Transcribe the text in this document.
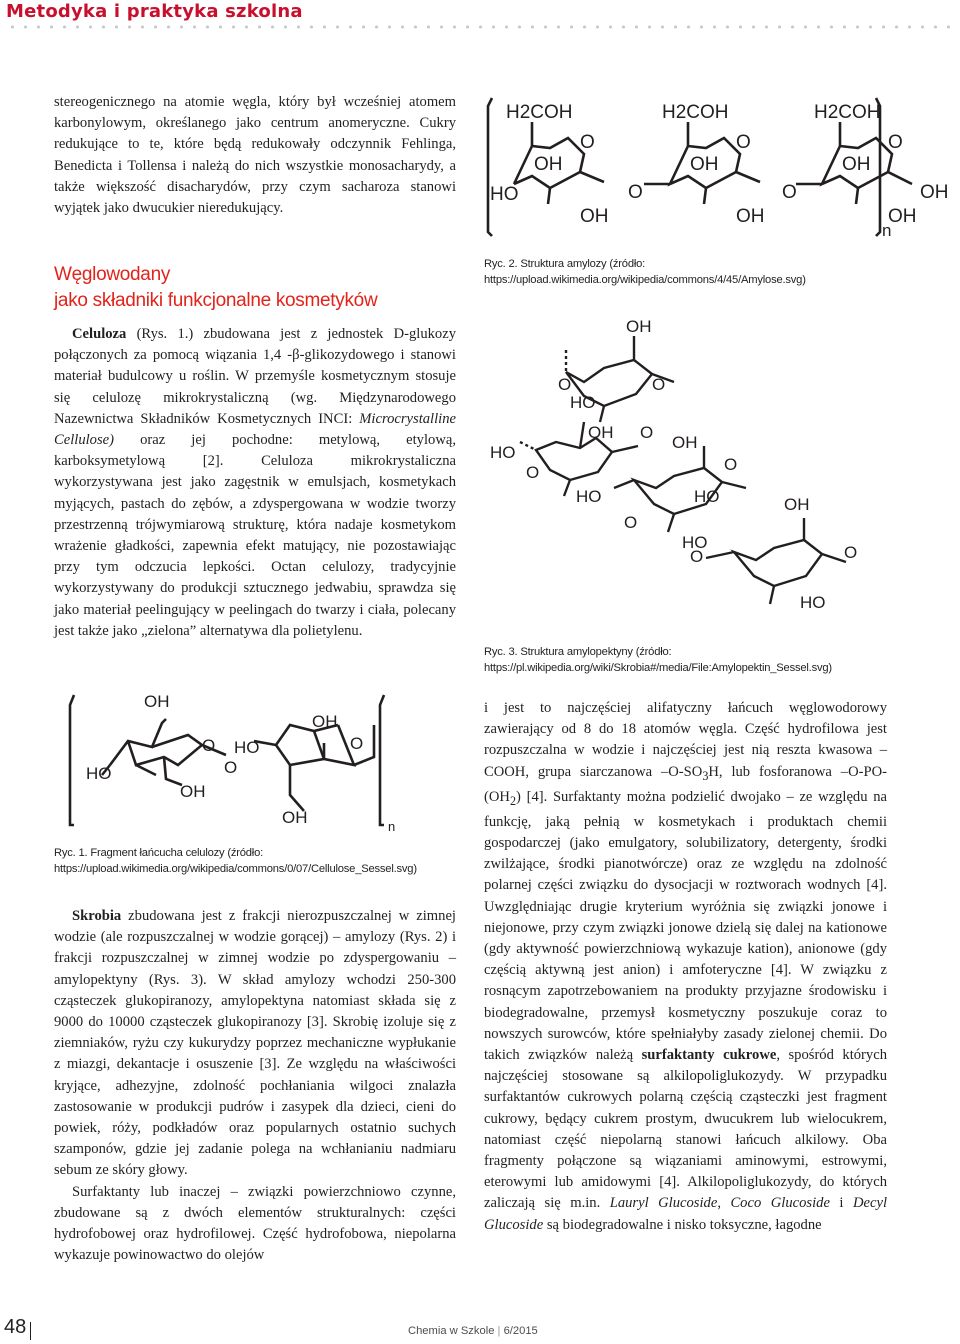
Metodyka i praktyka szkolna

stereogenicznego na atomie węgla, który był wcześniej atomem karbonylowym, określanego jako centrum anomeryczne. Cukry redukujące to te, które będą redukowały odczynnik Fehlinga, Benedicta i Tollensa i należą do nich wszystkie monosacharydy, a także większość disacharydów, przy czym sacharoza stanowi wyjątek jako dwucukier nieredukujący.

Węglowodany
jako składniki funkcjonalne kosmetyków

Celuloza (Rys. 1.) zbudowana jest z jednostek D-glukozy połączonych za pomocą wiązania 1,4 -β-glikozydowego i stanowi materiał budulcowy u roślin. W przemyśle kosmetycznym stosuje się celulozę mikrokrystaliczną (wg. Międzynarodowego Nazewnictwa Składników Kosmetycznych INCI: Microcrystalline Cellulose) oraz jej pochodne: metylową, etylową, karboksymetylową [2]. Celuloza mikrokrystaliczna wykorzystywana jest jako zagęstnik w emulsjach, kosmetykach myjących, pastach do zębów, a zdyspergowana w wodzie tworzy przestrzenną trójwymiarową strukturę, która nadaje kosmetykom wrażenie gładkości, zapewnia efekt matujący, nie pozostawiając przy tym odczucia lepkości. Octan celulozy, tradycyjnie wykorzystywany do produkcji sztucznego jedwabiu, sprawdza się jako materiał peelingujący w peelingach do twarzy i ciała, polecany jest także jako „zielona” alternatywa dla polietylenu.

OH
HO
O
OH
HO
O
O
OH
OH	n
Ryc. 1. Fragment łańcucha celulozy (źródło: https://upload.wikimedia.org/wikipedia/commons/0/07/Cellulose_Sessel.svg)

Skrobia zbudowana jest z frakcji nierozpuszczalnej w zimnej wodzie (ale rozpuszczalnej w wodzie gorącej) – amylozy (Rys. 2) i frakcji rozpuszczalnej w zimnej wodzie po zdyspergowaniu – amylopektyny (Rys. 3). W skład amylozy wchodzi 250-300 cząsteczek glukopiranozy, amylopektyna natomiast składa się z 9000 do 10000 cząsteczek glukopiranozy [3]. Skrobię izoluje się z ziemniaków, ryżu czy kukurydzy poprzez mechaniczne wypłukanie z miazgi, dekantacje i osuszenie [3]. Ze względu na właściwości kryjące, adhezyjne, zdolność pochłaniania wilgoci znalazła zastosowanie w produkcji pudrów i zasypek dla dzieci, cieni do powiek, róży, podkładów oraz popularnych ostatnio suchych szamponów, gdzie jej zadanie polega na wchłanianiu nadmiaru sebum ze skóry głowy.

Surfaktanty lub inaczej – związki powierzchniowo czynne, zbudowane są z dwóch elementów strukturalnych: części hydrofobowej oraz hydrofilowej. Część hydrofobowa, niepolarna wykazuje powinowactwo do olejów

H2COH
O
OH
HO
OH
O
H2COH
O
OH
OH
O
H2COH
O
OH
OH
OH
n
Ryc. 2. Struktura amylozy (źródło: https://upload.wikimedia.org/wikipedia/commons/4/45/Amylose.svg)
OH
O
HO
O
OH
HO
O
O
HO
OH
O
HO
O
OH
HO
O
HO
O
Ryc. 3. Struktura amylopektyny (źródło: https://pl.wikipedia.org/wiki/Skrobia#/media/File:Amylopektin_Sessel.svg)

i jest to najczęściej alifatyczny łańcuch węglowodorowy zawierający od 8 do 18 atomów węgla. Część hydrofilowa jest rozpuszczalna w wodzie i najczęściej jest nią reszta kwasowa –COOH, grupa siarczanowa $-O-SO_3H$, lub fosforanowa $-O-PO-(OH_2)$ [4]. Surfaktanty można podzielić dwojako – ze względu na funkcję, jaką pełnią w kosmetykach i produktach chemii gospodarczej (jako emulgatory, solubilizatory, detergenty, środki zwilżające, środki pianotwórcze) oraz ze względu na zdolność polarnej części związku do dysocjacji w roztworach wodnych [4]. Uwzględniając drugie kryterium wyróżnia się związki jonowe i niejonowe, przy czym związki jonowe dzielą się dalej na kationowe (gdy aktywność powierzchniową wykazuje kation), anionowe (gdy częścią aktywną jest anion) i amfoteryczne [4]. W związku z rosnącym zapotrzebowaniem na produkty przyjazne środowisku i biodegradowalne, przemysł kosmetyczny poszukuje coraz to nowszych surowców, które spełniałyby zasady zielonej chemii. Do takich związków należą surfaktanty cukrowe, spośród których najczęściej stosowane są alkilopoliglukozydy. W przypadku surfaktantów cukrowych polarną częścią cząsteczki jest fragment cukrowy, będący cukrem prostym, dwucukrem lub wielocukrem, natomiast część niepolarną stanowi łańcuch alkilowy. Oba fragmenty połączone są wiązaniami aminowymi, estrowymi, eterowymi lub amidowymi [4]. Alkilopoliglukozydy, do których zaliczają się m.in. Lauryl Glucoside, Coco Glucoside i Decyl Glucoside są biodegradowalne i nisko toksyczne, łagodne

48	Chemia w Szkole | 6/2015
